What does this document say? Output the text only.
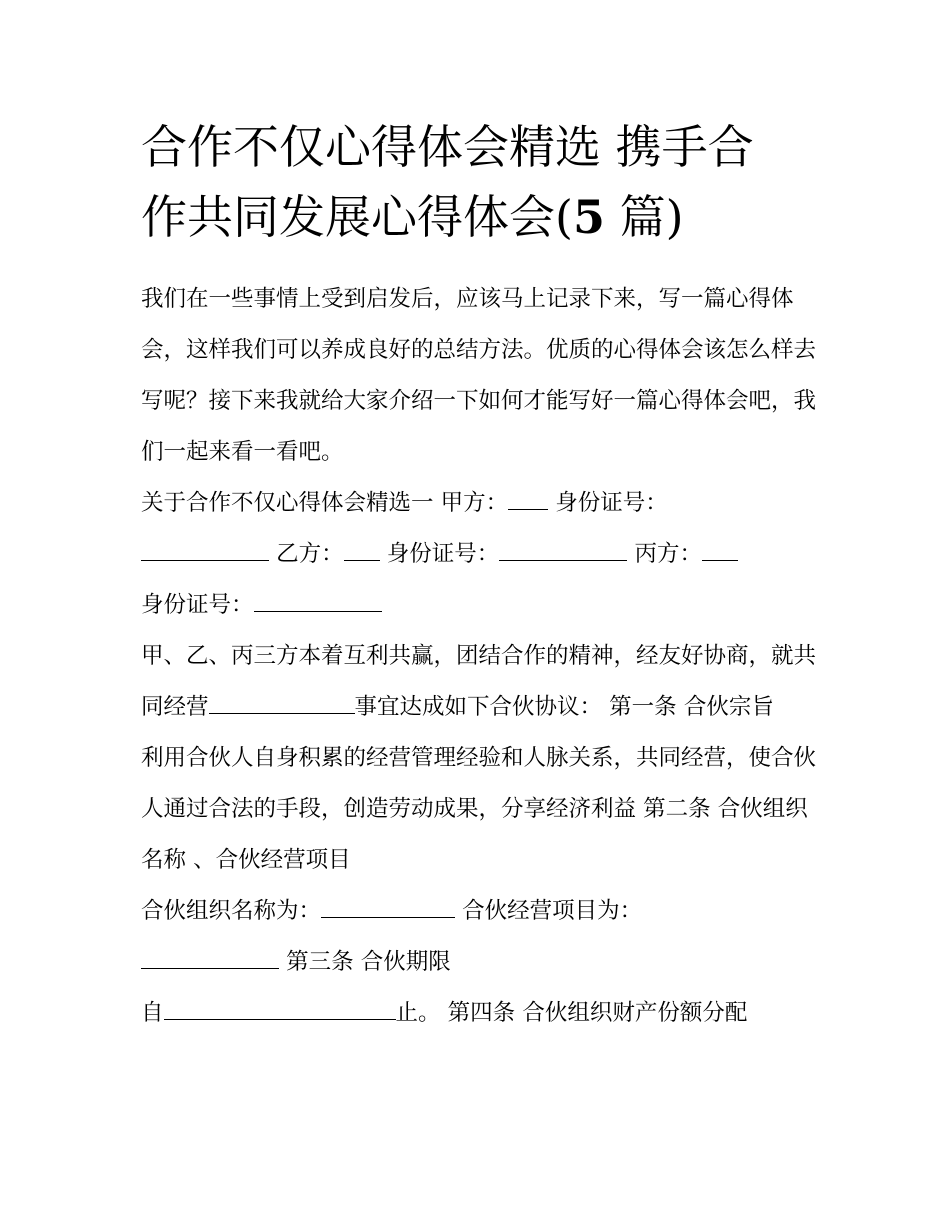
合作不仅心得体会精选 携手合
作共同发展心得体会(5 篇)

我们在一些事情上受到启发后，应该马上记录下来，写一篇心得体会，这样我们可以养成良好的总结方法。优质的心得体会该怎么样去写呢？接下来我就给大家介绍一下如何才能写好一篇心得体会吧，我们一起来看一看吧。

关于合作不仅心得体会精选一 甲方： 身份证号：
乙方： 身份证号：	丙方：
身份证号：

甲、乙、丙三方本着互利共赢，团结合作的精神，经友好协商，就共同经营	事宜达成如下合伙协议： 第一条 合伙宗旨

利用合伙人自身积累的经营管理经验和人脉关系，共同经营，使合伙人通过合法的手段，创造劳动成果，分享经济利益 第二条 合伙组织名称 、合伙经营项目

合伙组织名称为：	合伙经营项目为：
第三条 合伙期限

自	止。 第四条 合伙组织财产份额分配
